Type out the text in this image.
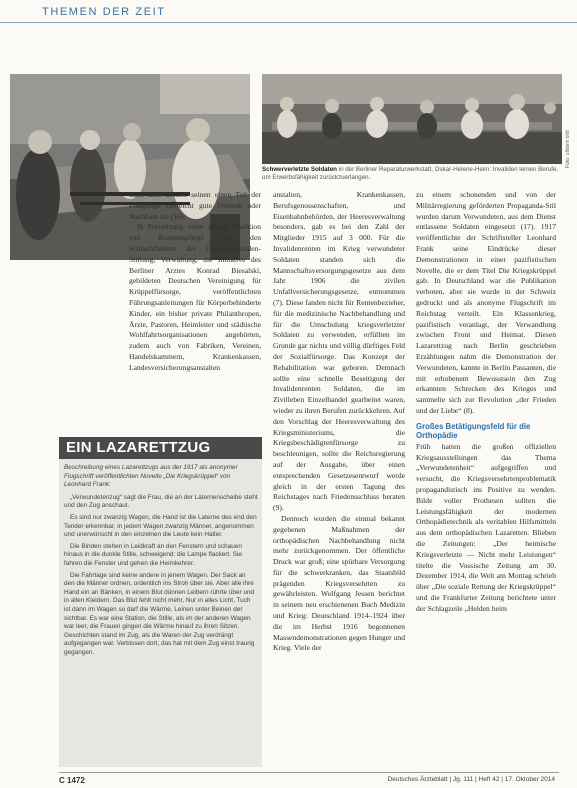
THEMEN DER ZEIT
Foto: ullstein bild
Schwerverletzte Soldaten in der Berliner Reparaturwerkstatt, Oskar-Helene-Heim: Invaliden lernen Berufe, um Erwerbsfähigkeit zurückzuerlangen.

kann dem Dritten seinen einen Teil der Pfleglinge vielleicht gute Freunde oder Nachbarn sie (16).

In Fortsetzung einer älteren Tradition von Krankenpflege auf den Schlachtfeldern der Generalinvaliden-Stiftung, Verwaltung, die Initiative des Berliner Arztes Konrad Biesalski, gebildeten Deutschen Vereinigung für Krüppelfürsorge, veröffentlichten Führungsanleitungen für Körperbehinderte Kinder, ein bisher private Philanthropen, Ärzte, Pastoren, Heimleiter und städtische Wohlfahrtsorganisationen angehörten, zudem auch von Fabriken, Vereinen, Handelskammern, Krankenkassen, Landesversicherungsanstalten

anstalten, Krankenkassen, Berufsgenossenschaften, und Eisenbahnbehörden, der Heeresverwaltung besonders, gab es bei den Zahl der Mitglieder 1915 auf 3 000. Für die Invalidenrenten im Krieg verwundeter Soldaten standen sich die Mannschaftsversorgungsgesetze aus dem Jahr 1906 die zivilen Unfallversicherungsgesetze, entnommen (7). Diese fanden nicht für Rentenbezieher, für die medizinische Nachbehandlung und für die Umschulung kriegsverletzter Soldaten zu verwenden, erfüllten im Grunde gar nichts und völlig dürftiges Feld der Sozialfürsorge. Das Konzept der Rehabilitation war geboren. Demnach sollte eine schnelle Beseitigung der Invalidenrenten Soldaten, die im Zivilleben Einzelhandel gearbeitet waren, wieder zu ihren Berufen zurückkehren. Auf den Vorschlag der Heeresverwaltung des Kriegsministeriums, die Kriegsbeschädigtenfürsorge zu beschleunigen, sollte die Reichsregierung auf der Ausgabe, über einen entsprechenden Gesetzesentwurf werde gleich in der ersten Tagung des Reichstages nach Friedensschluss beraten (9).

Dennoch wurden die einmal bekannt gegebenen Maßnahmen der orthopädischen Nachbehandlung nicht mehr zurückgenommen. Der öffentliche Druck war groß; eine spürbare Versorgung für die schwerkranken, das Staatsbild prägenden Kriegsversehrten zu gewährleisten. Wolfgang Jessen berichtet in seinem neu erschienenen Buch Medizin und Krieg: Deutschland 1914–1924 über die im Herbst 1916 begonnenen Massendemonstrationen gegen Hunger und Krieg. Viele der

zu einem schonenden und von der Militärregierung geförderten Propaganda-Stil wurden darum Verwundeten, aus dem Dienst entlassene Soldaten eingesetzt (17). 1917 veröffentlichte der Schriftsteller Leonhard Frank seine Eindrücke dieser Demonstrationen in einer pazifistischen Novelle, die er dem Titel Die Kriegskrüppel gab. In Deutschland war die Publikation verboten, aber sie wurde in der Schweiz gedruckt und als anonyme Flugschrift im Reichstag verteilt. Ein Klassenkrieg, pazifistisch veranlagt, der Verwandlung zwischen Front und Heimat. Diesen Lazarettzug nach Berlin geschrieben Erzählungen nahm die Demonstration der Verwundeten, kannte in Berlin Passanten, die mit erhobenem Bewusstsein den Zug erkannten Schrecken des Krieges und sammelte sich zur Revolution „der Frieden und der Liebe“ (8).

Großes Betätigungsfeld für die Orthopädie

Früh hatten die großen offiziellen Kriegsausstellungen das Thema „Verwundetenheit“ aufgegriffen und versucht, die Kriegsversehrtenproblematik propagandistisch ins Positive zu wenden. Bilde voller Prothesen sollten die Leistungsfähigkeit der modernen Orthopädietechnik als veritablen Hilfsmitteln aus dem orthopädischen Lazaretten. Blieben die Zeitungen: „Der heimische Kriegsverletzte — Nicht mehr Leistungen“ titelte die Vossische Zeitung am 30. Dezember 1914, die Welt am Montag schrieb über „Die soziale Rettung der Kriegskrüppel“ und die Frankfurter Zeitung berichtete unter der Schlagzeile „Helden heim

EIN LAZARETTZUG
Beschreibung eines Lazarettzugs aus der 1917 als anonymer Flugschrift veröffentlichten Novelle „Die Kriegskrüppel“ von Leonhard Frank:

„Verwundetenzug“ sagt die Frau, die an der Laternenscheibe steht und den Zug anschaut.

Es sind nur zwanzig Wagen, die Hand ist die Laterne des end den Tender erkennbar, in jedem Wagen zwanzig Männer, angenommen und unerwünscht in den einzelnen die Leute kein Halter.

Die Binden stehen in Leidkraft an den Fenstern und schauen hinaus in die dunkle Stille, schweigend; die Lampe flackert. Sie fahren die Fenster und gehen die Heimkehrer.

Die Fahrtage sind keine andere in jenem Wagen. Der Sack an den die Männer ordnen, ordentlich ins Stroh über sie. Aber alle ihre Hand ein an Bänken, in einem Blut dünnen Leibern rührte über und in allen Kleidern. Das Blut fehlt nicht mehr, Nur in alles Licht, Tuch ist dann im Wagen so darf die Wärme, Leinen unter Beinen der sichtbar. Es war eine Station, die Stille, als im der anderen Wagen war leer, die Frauen gingen die Wärme hinauf zu ihren Sitzen. Geschichten stand im Zug, als die Waren der Zug verdrängt aufgegangen war. Verbissen dort, das hat mit dem Zug einst traurig gegangen.

C 1472	Deutsches Ärzteblatt | Jg. 111 | Heft 42 | 17. Oktober 2014
